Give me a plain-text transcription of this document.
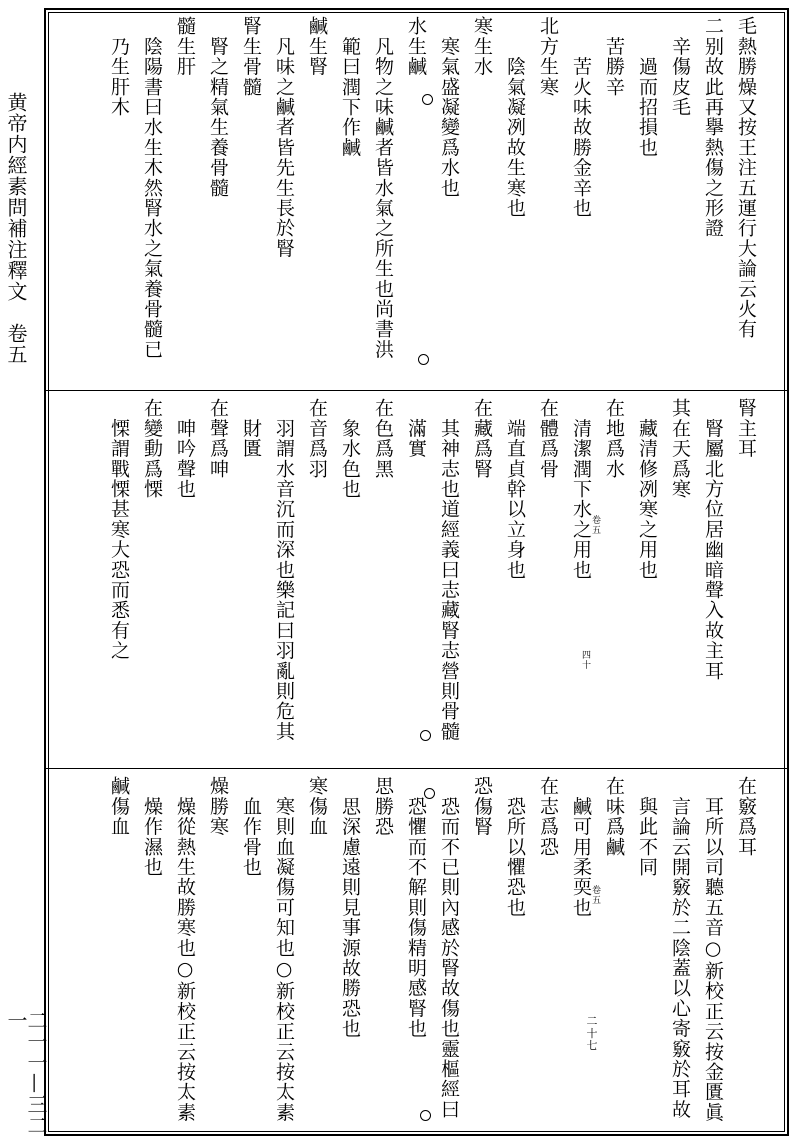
黄帝内經素問補注釋文　卷五
二一一—三二一
毛熱勝燥又按王注五運行大論云火有
二别故此再擧熱傷之形證
　辛傷皮毛
　　過而招損也
　苦勝辛
　　苦火味故勝金辛也
北方生寒
　　陰氣凝冽故生寒也
寒生水
　寒氣盛凝變爲水也
水生鹹
　凡物之味鹹者皆水氣之所生也尚書洪
　範曰潤下作鹹
鹹生腎
　凡味之鹹者皆先生長於腎
腎生骨髓
　腎之精氣生養骨髓
髓生肝
　陰陽書曰水生木然腎水之氣養骨髓已
　乃生肝木
腎主耳
　腎屬北方位居幽暗聲入故主耳
其在天爲寒
　藏清修冽寒之用也
在地爲水
　清潔潤下水之用也
在體爲骨
　端直貞幹以立身也
在藏爲腎
　其神志也道經義曰志藏腎志營則骨髓
　滿實
在色爲黑
　象水色也
在音爲羽
　羽謂水音沉而深也樂記曰羽亂則危其
　財匱
在聲爲呻
　呻吟聲也
在變動爲慄
　慄謂戰慄甚寒大恐而悉有之
在竅爲耳
　耳所以司聽五音○新校正云按金匱眞
　言論云開竅於二陰蓋以心寄竅於耳故
　與此不同
在味爲鹹
　鹹可用柔耎也
在志爲恐
　恐所以懼恐也
恐傷腎
　恐而不已則內感於腎故傷也靈樞經曰
　恐懼而不解則傷精明感腎也
思勝恐
　思深慮遠則見事源故勝恐也
寒傷血
　寒則血凝傷可知也○新校正云按太素
　血作骨也
燥勝寒
　燥從熱生故勝寒也○新校正云按太素
　燥作濕也
鹹傷血
四十
卷五
卷五
二十七
